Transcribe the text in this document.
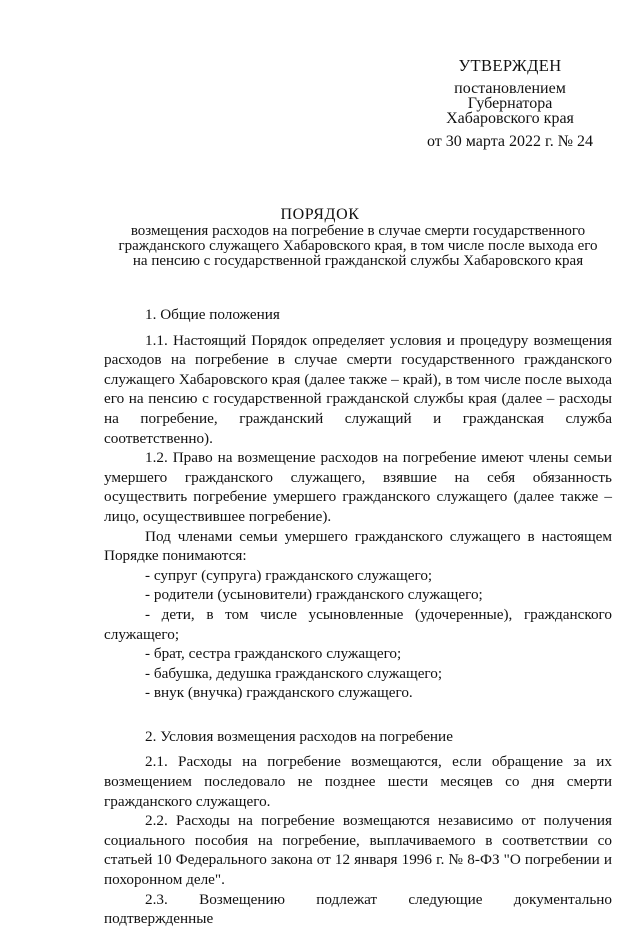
УТВЕРЖДЕН
постановлением
Губернатора
Хабаровского края
от 30 марта 2022 г. № 24
ПОРЯДОК
возмещения расходов на погребение в случае смерти государственного
гражданского служащего Хабаровского края, в том числе после выхода его
на пенсию с государственной гражданской службы Хабаровского края
1. Общие положения
1.1. Настоящий Порядок определяет условия и процедуру возмещения расходов на погребение в случае смерти государственного гражданского служащего Хабаровского края (далее также – край), в том числе после выхода его на пенсию с государственной гражданской службы края (далее – расходы на погребение, гражданский служащий и гражданская служба соответственно).
1.2. Право на возмещение расходов на погребение имеют члены семьи умершего гражданского служащего, взявшие на себя обязанность осуществить погребение умершего гражданского служащего (далее также – лицо, осуществившее погребение).
Под членами семьи умершего гражданского служащего в настоящем Порядке понимаются:
- супруг (супруга) гражданского служащего;
- родители (усыновители) гражданского служащего;
- дети, в том числе усыновленные (удочеренные), гражданского служащего;
- брат, сестра гражданского служащего;
- бабушка, дедушка гражданского служащего;
- внук (внучка) гражданского служащего.
2. Условия возмещения расходов на погребение
2.1. Расходы на погребение возмещаются, если обращение за их возмещением последовало не позднее шести месяцев со дня смерти гражданского служащего.
2.2. Расходы на погребение возмещаются независимо от получения социального пособия на погребение, выплачиваемого в соответствии со статьей 10 Федерального закона от 12 января 1996 г. № 8-ФЗ "О погребении и похоронном деле".
2.3. Возмещению подлежат следующие документально подтвержденные
